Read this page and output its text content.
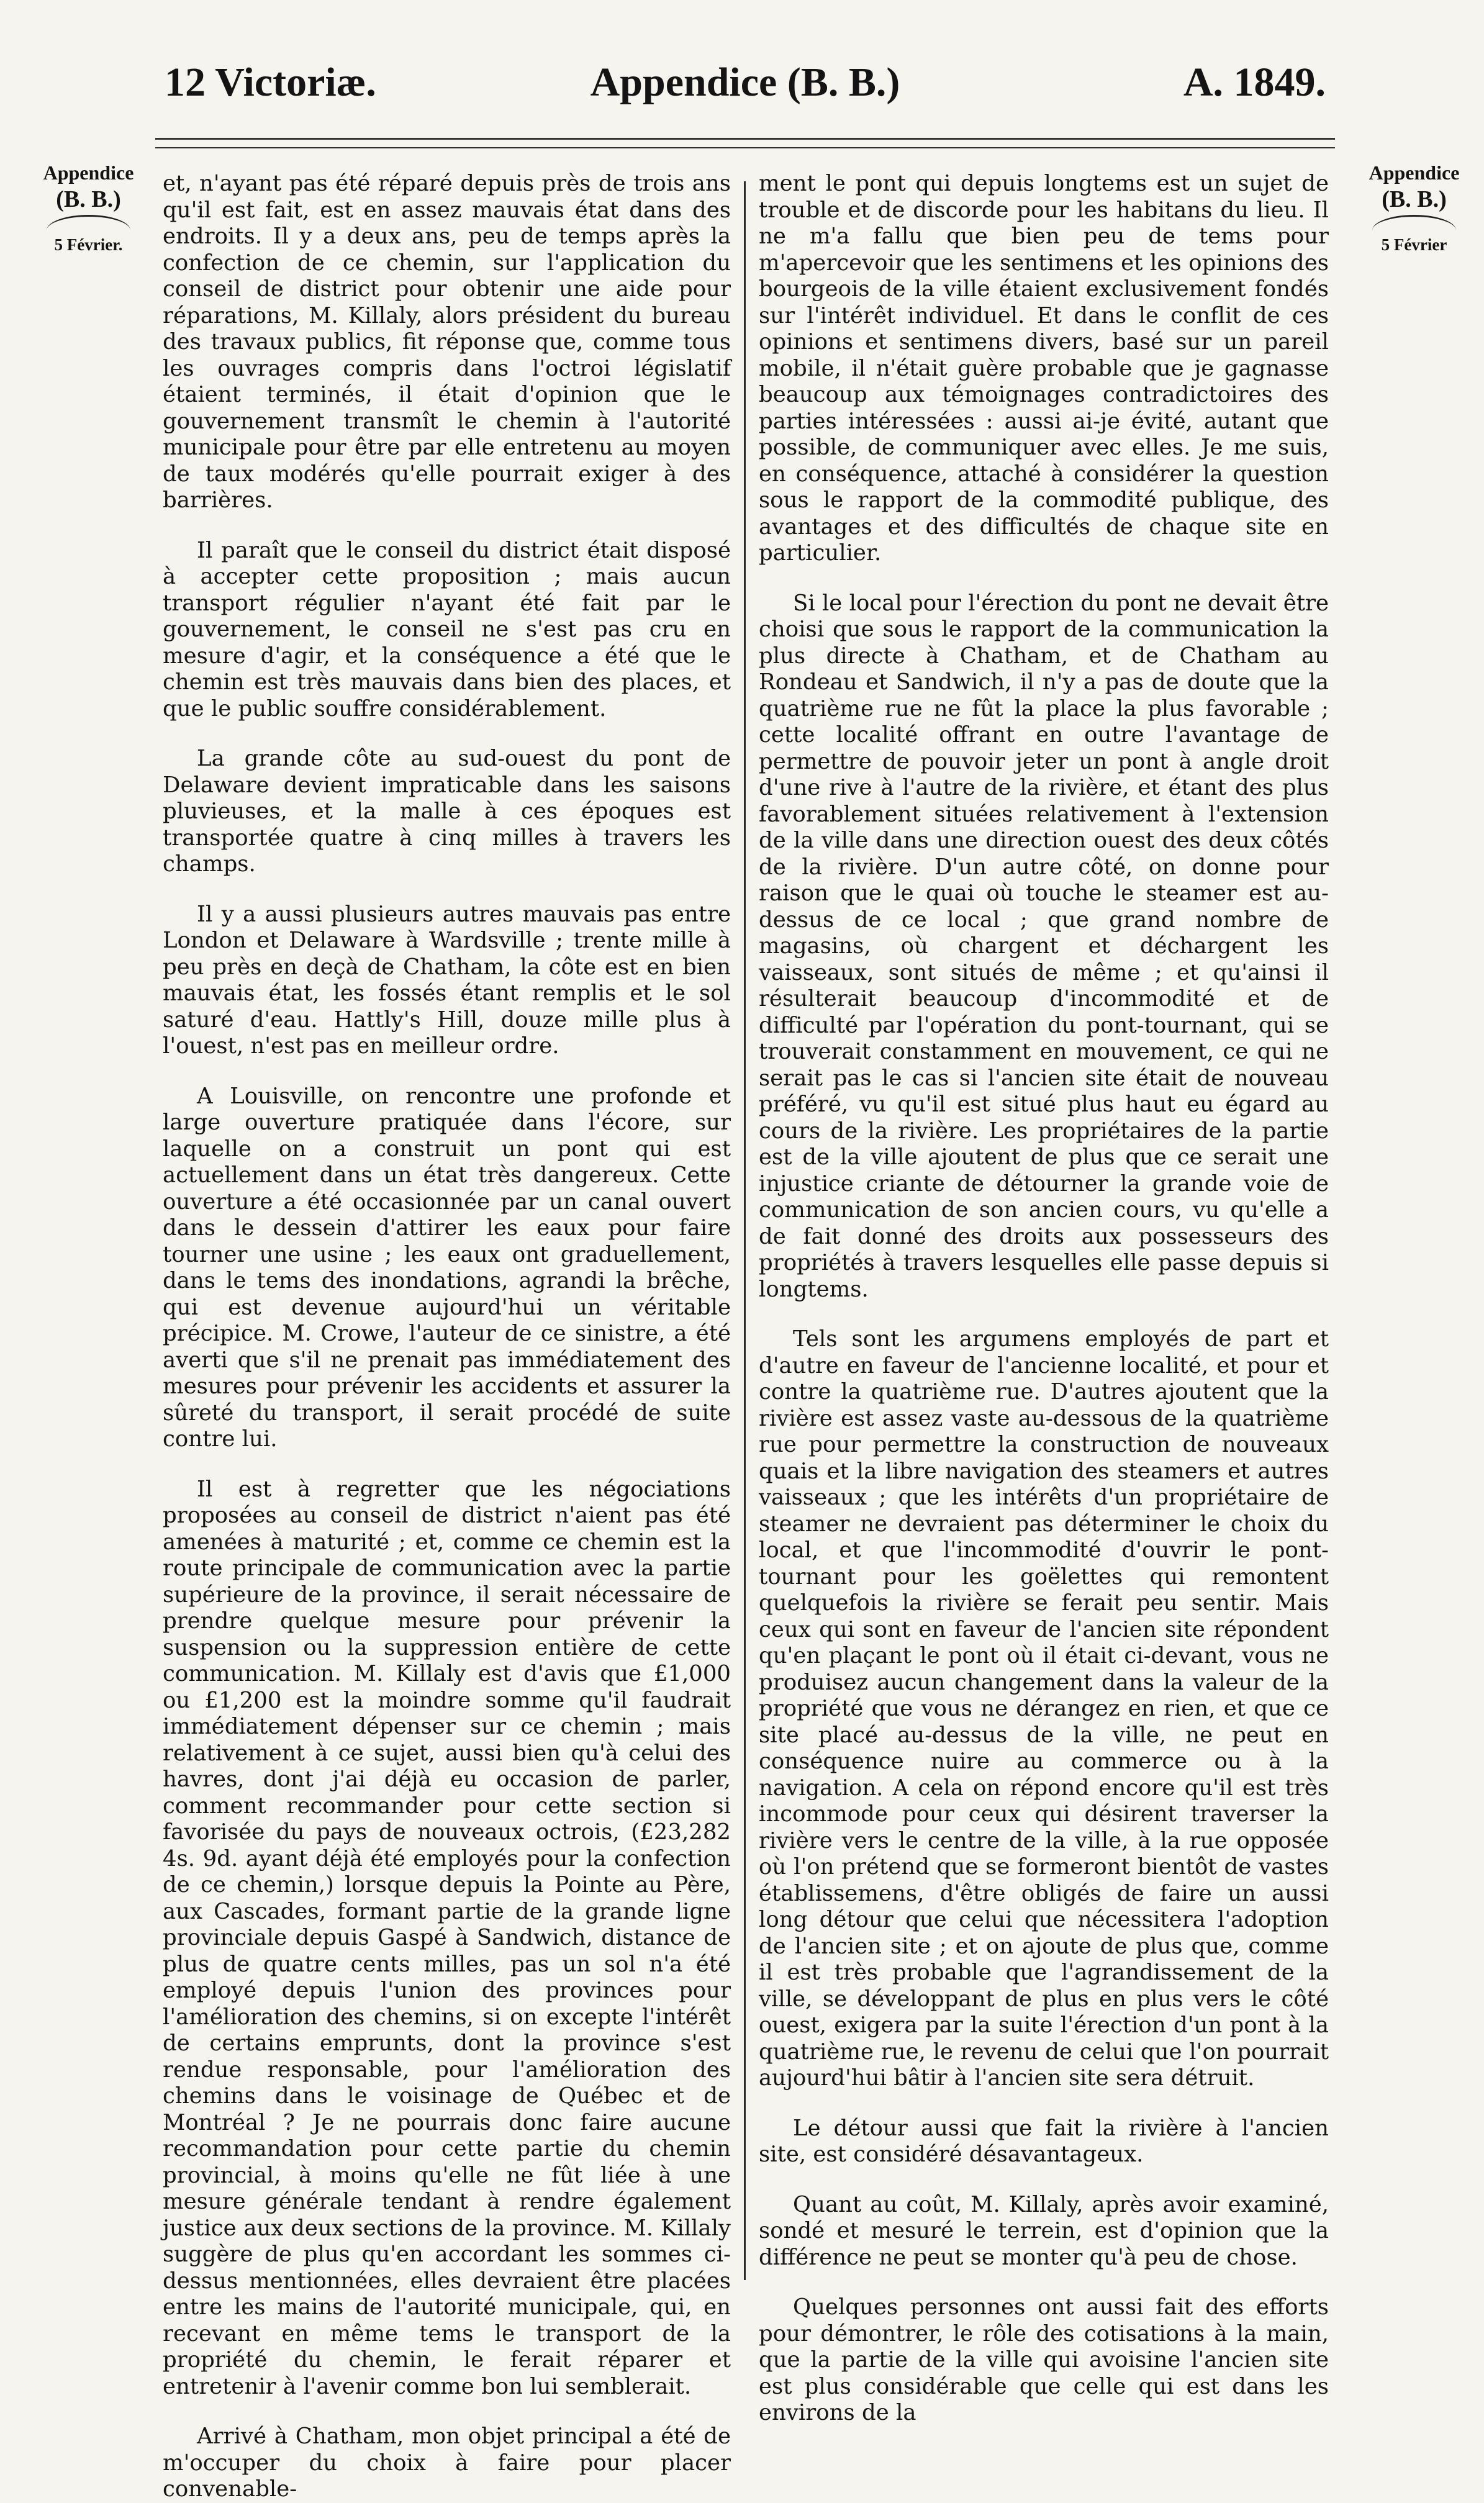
12 Victoriæ.	Appendice (B. B.)	A. 1849.
Appendice
(B. B.)
5 Février.
Appendice
(B. B.)
5 Février

et, n'ayant pas été réparé depuis près de trois ans qu'il est fait, est en assez mauvais état dans des endroits. Il y a deux ans, peu de temps après la confection de ce chemin, sur l'application du conseil de district pour obtenir une aide pour réparations, M. Killaly, alors président du bureau des travaux publics, fit réponse que, comme tous les ouvrages compris dans l'octroi législatif étaient terminés, il était d'opinion que le gouvernement transmît le chemin à l'autorité municipale pour être par elle entretenu au moyen de taux modérés qu'elle pourrait exiger à des barrières.

Il paraît que le conseil du district était disposé à accepter cette proposition ; mais aucun transport régulier n'ayant été fait par le gouvernement, le conseil ne s'est pas cru en mesure d'agir, et la conséquence a été que le chemin est très mauvais dans bien des places, et que le public souffre considérablement.

La grande côte au sud-ouest du pont de Delaware devient impraticable dans les saisons pluvieuses, et la malle à ces époques est transportée quatre à cinq milles à travers les champs.

Il y a aussi plusieurs autres mauvais pas entre London et Delaware à Wardsville ; trente mille à peu près en deçà de Chatham, la côte est en bien mauvais état, les fossés étant remplis et le sol saturé d'eau. Hattly's Hill, douze mille plus à l'ouest, n'est pas en meilleur ordre.

A Louisville, on rencontre une profonde et large ouverture pratiquée dans l'écore, sur laquelle on a construit un pont qui est actuellement dans un état très dangereux. Cette ouverture a été occasionnée par un canal ouvert dans le dessein d'attirer les eaux pour faire tourner une usine ; les eaux ont graduellement, dans le tems des inondations, agrandi la brêche, qui est devenue aujourd'hui un véritable précipice. M. Crowe, l'auteur de ce sinistre, a été averti que s'il ne prenait pas immédiatement des mesures pour prévenir les accidents et assurer la sûreté du transport, il serait procédé de suite contre lui.

Il est à regretter que les négociations proposées au conseil de district n'aient pas été amenées à maturité ; et, comme ce chemin est la route principale de communication avec la partie supérieure de la province, il serait nécessaire de prendre quelque mesure pour prévenir la suspension ou la suppression entière de cette communication. M. Killaly est d'avis que £1,000 ou £1,200 est la moindre somme qu'il faudrait immédiatement dépenser sur ce chemin ; mais relativement à ce sujet, aussi bien qu'à celui des havres, dont j'ai déjà eu occasion de parler, comment recommander pour cette section si favorisée du pays de nouveaux octrois, (£23,282 4s. 9d. ayant déjà été employés pour la confection de ce chemin,) lorsque depuis la Pointe au Père, aux Cascades, formant partie de la grande ligne provinciale depuis Gaspé à Sandwich, distance de plus de quatre cents milles, pas un sol n'a été employé depuis l'union des provinces pour l'amélioration des chemins, si on excepte l'intérêt de certains emprunts, dont la province s'est rendue responsable, pour l'amélioration des chemins dans le voisinage de Québec et de Montréal ? Je ne pourrais donc faire aucune recommandation pour cette partie du chemin provincial, à moins qu'elle ne fût liée à une mesure générale tendant à rendre également justice aux deux sections de la province. M. Killaly suggère de plus qu'en accordant les sommes ci-dessus mentionnées, elles devraient être placées entre les mains de l'autorité municipale, qui, en recevant en même tems le transport de la propriété du chemin, le ferait réparer et entretenir à l'avenir comme bon lui semblerait.

Arrivé à Chatham, mon objet principal a été de m'occuper du choix à faire pour placer convenable-

ment le pont qui depuis longtems est un sujet de trouble et de discorde pour les habitans du lieu. Il ne m'a fallu que bien peu de tems pour m'apercevoir que les sentimens et les opinions des bourgeois de la ville étaient exclusivement fondés sur l'intérêt individuel. Et dans le conflit de ces opinions et sentimens divers, basé sur un pareil mobile, il n'était guère probable que je gagnasse beaucoup aux témoignages contradictoires des parties intéressées : aussi ai-je évité, autant que possible, de communiquer avec elles. Je me suis, en conséquence, attaché à considérer la question sous le rapport de la commodité publique, des avantages et des difficultés de chaque site en particulier.

Si le local pour l'érection du pont ne devait être choisi que sous le rapport de la communication la plus directe à Chatham, et de Chatham au Rondeau et Sandwich, il n'y a pas de doute que la quatrième rue ne fût la place la plus favorable ; cette localité offrant en outre l'avantage de permettre de pouvoir jeter un pont à angle droit d'une rive à l'autre de la rivière, et étant des plus favorablement situées relativement à l'extension de la ville dans une direction ouest des deux côtés de la rivière. D'un autre côté, on donne pour raison que le quai où touche le steamer est au-dessus de ce local ; que grand nombre de magasins, où chargent et déchargent les vaisseaux, sont situés de même ; et qu'ainsi il résulterait beaucoup d'incommodité et de difficulté par l'opération du pont-tournant, qui se trouverait constamment en mouvement, ce qui ne serait pas le cas si l'ancien site était de nouveau préféré, vu qu'il est situé plus haut eu égard au cours de la rivière. Les propriétaires de la partie est de la ville ajoutent de plus que ce serait une injustice criante de détourner la grande voie de communication de son ancien cours, vu qu'elle a de fait donné des droits aux possesseurs des propriétés à travers lesquelles elle passe depuis si longtems.

Tels sont les argumens employés de part et d'autre en faveur de l'ancienne localité, et pour et contre la quatrième rue. D'autres ajoutent que la rivière est assez vaste au-dessous de la quatrième rue pour permettre la construction de nouveaux quais et la libre navigation des steamers et autres vaisseaux ; que les intérêts d'un propriétaire de steamer ne devraient pas déterminer le choix du local, et que l'incommodité d'ouvrir le pont-tournant pour les goëlettes qui remontent quelquefois la rivière se ferait peu sentir. Mais ceux qui sont en faveur de l'ancien site répondent qu'en plaçant le pont où il était ci-devant, vous ne produisez aucun changement dans la valeur de la propriété que vous ne dérangez en rien, et que ce site placé au-dessus de la ville, ne peut en conséquence nuire au commerce ou à la navigation. A cela on répond encore qu'il est très incommode pour ceux qui désirent traverser la rivière vers le centre de la ville, à la rue opposée où l'on prétend que se formeront bientôt de vastes établissemens, d'être obligés de faire un aussi long détour que celui que nécessitera l'adoption de l'ancien site ; et on ajoute de plus que, comme il est très probable que l'agrandissement de la ville, se développant de plus en plus vers le côté ouest, exigera par la suite l'érection d'un pont à la quatrième rue, le revenu de celui que l'on pourrait aujourd'hui bâtir à l'ancien site sera détruit.

Le détour aussi que fait la rivière à l'ancien site, est considéré désavantageux.

Quant au coût, M. Killaly, après avoir examiné, sondé et mesuré le terrein, est d'opinion que la différence ne peut se monter qu'à peu de chose.

Quelques personnes ont aussi fait des efforts pour démontrer, le rôle des cotisations à la main, que la partie de la ville qui avoisine l'ancien site est plus considérable que celle qui est dans les environs de la
